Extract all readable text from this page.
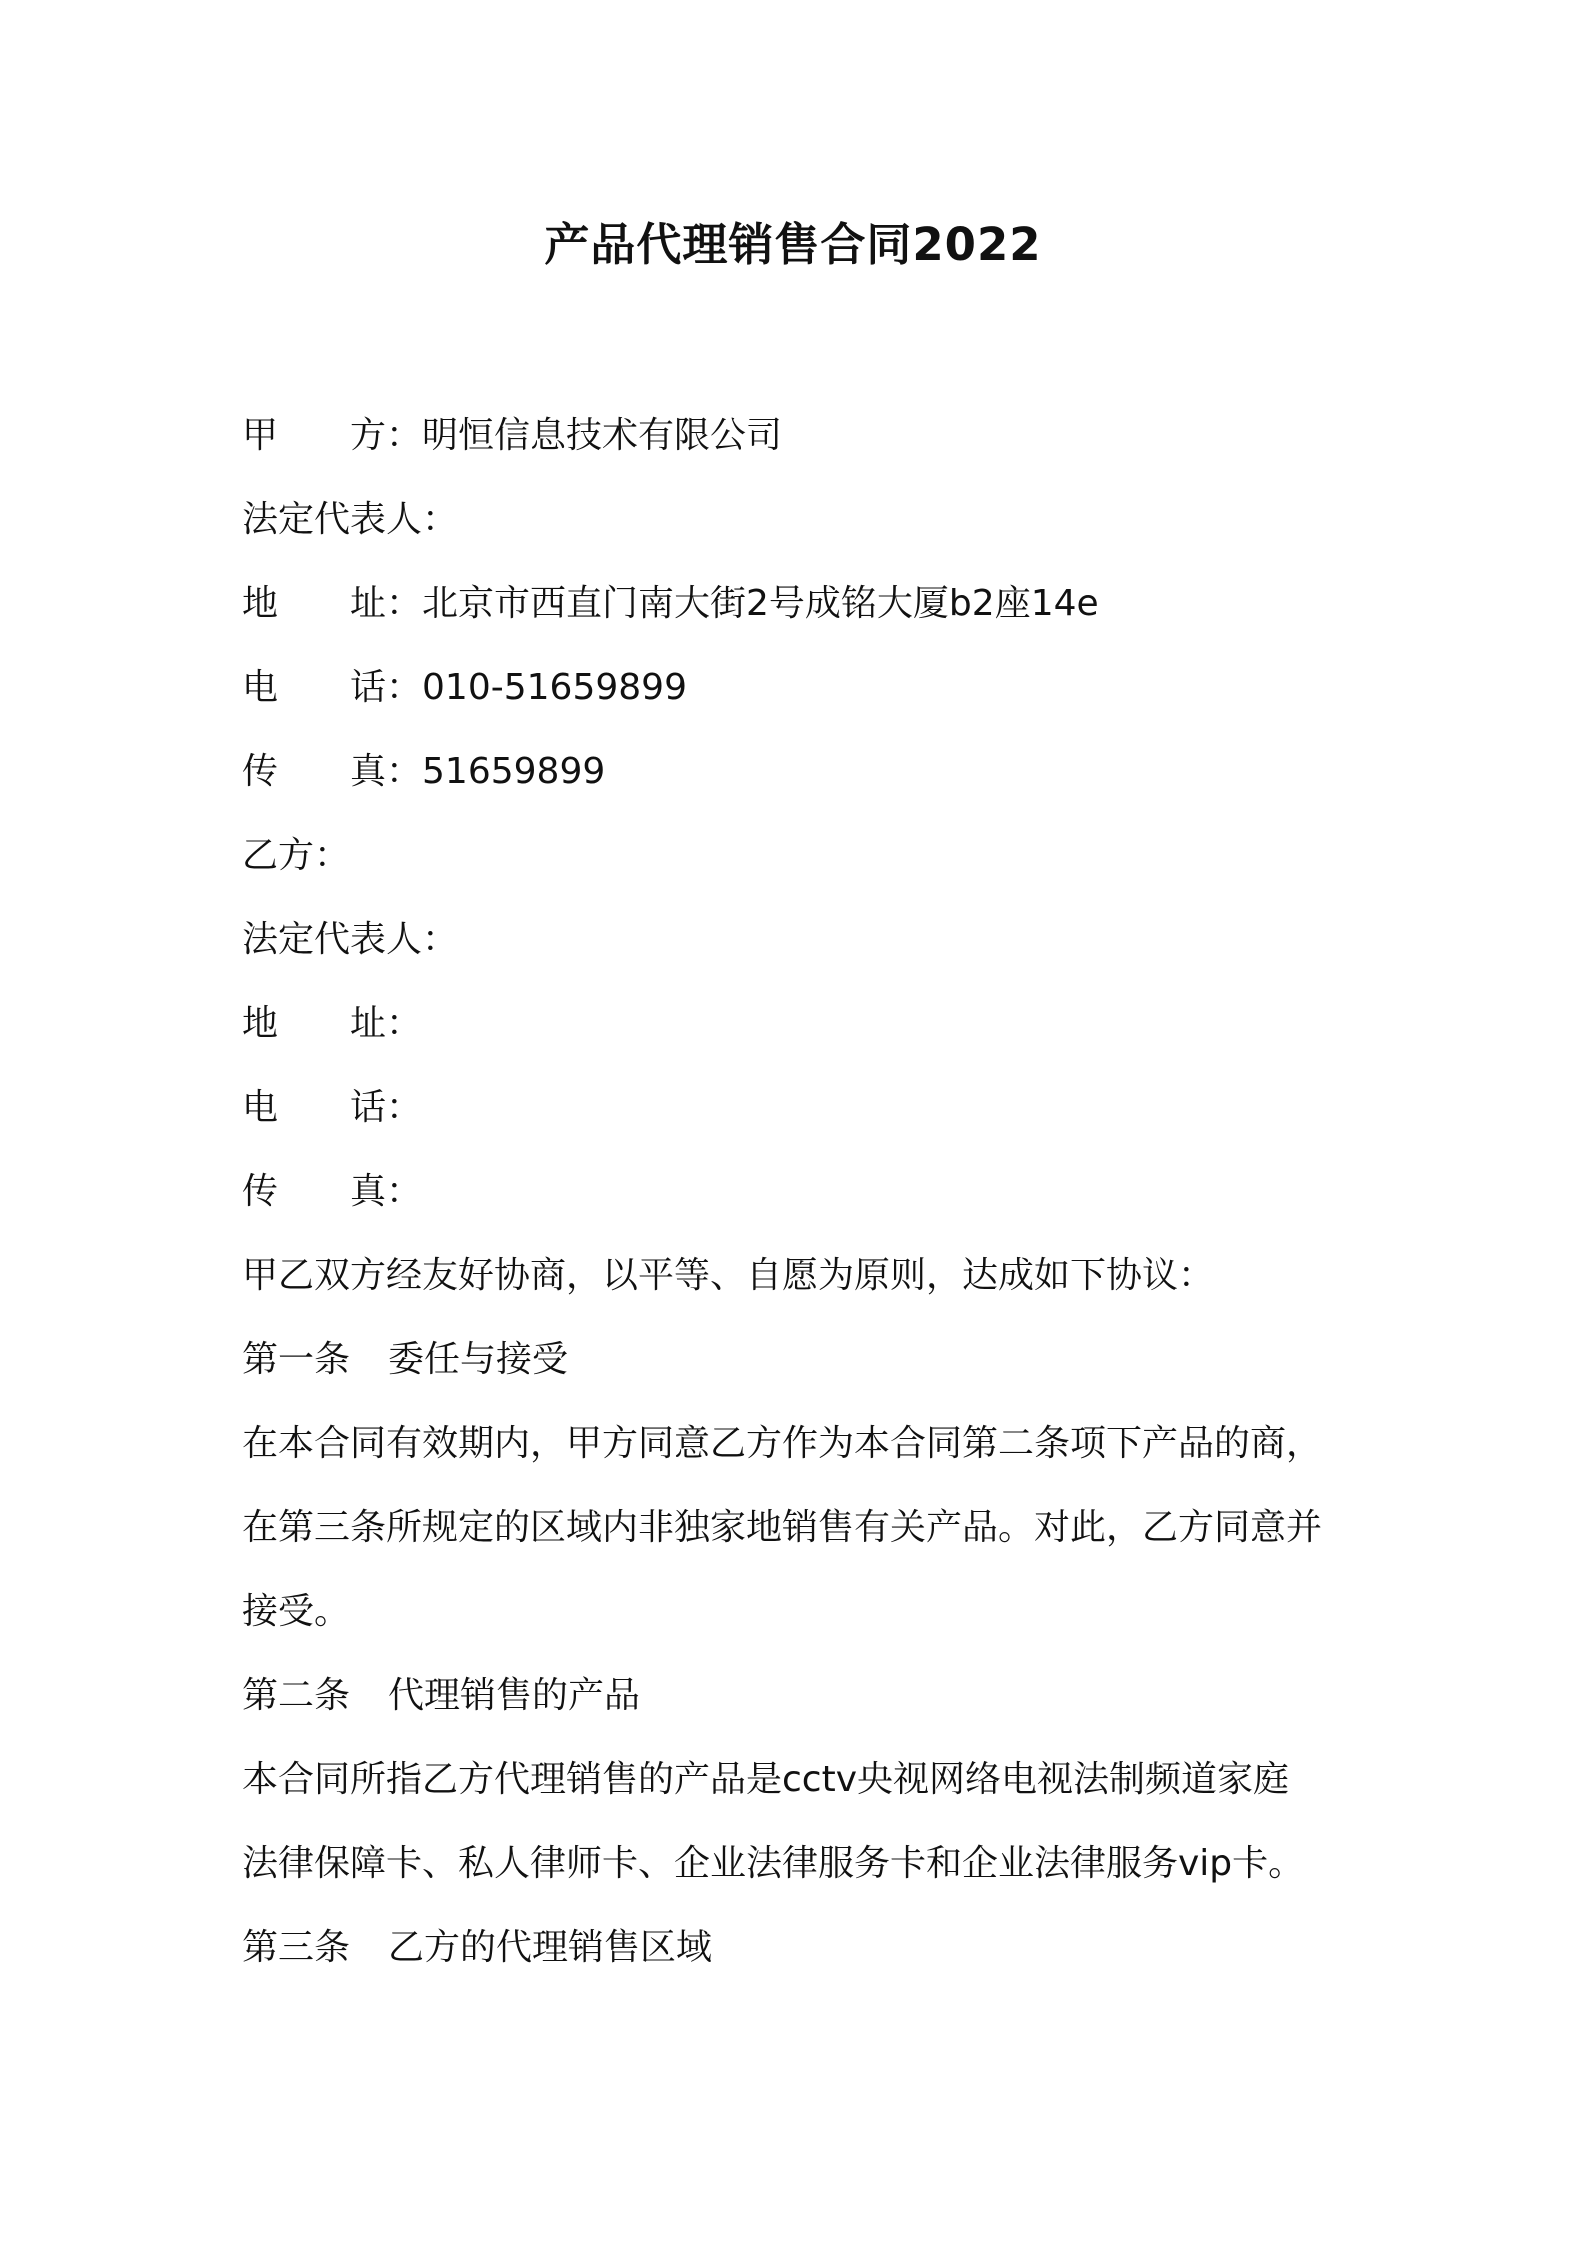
产品代理销售合同2022
甲 方：明恒信息技术有限公司
法定代表人：
地 址：北京市西直门南大街2号成铭大厦b2座14e
电 话：010-51659899
传 真：51659899
乙方：
法定代表人：
地 址：
电 话：
传 真：
甲乙双方经友好协商，以平等、自愿为原则，达成如下协议：
第一条 委任与接受
在本合同有效期内，甲方同意乙方作为本合同第二条项下产品的商，
在第三条所规定的区域内非独家地销售有关产品。对此，乙方同意并
接受。
第二条 代理销售的产品
本合同所指乙方代理销售的产品是cctv央视网络电视法制频道家庭
法律保障卡、私人律师卡、企业法律服务卡和企业法律服务vip卡。
第三条 乙方的代理销售区域
